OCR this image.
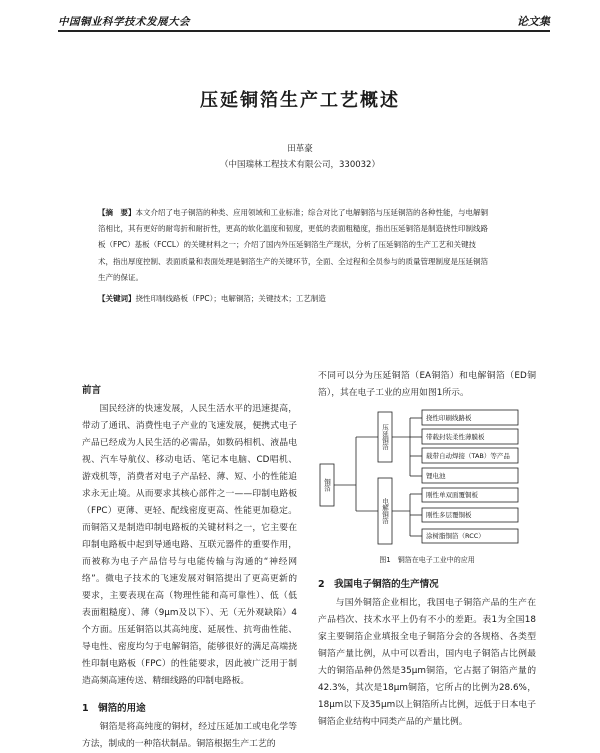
中国铜业科学技术发展大会	论文集
压延铜箔生产工艺概述
田革豪
（中国瑞林工程技术有限公司，330032）
【摘　要】本文介绍了电子铜箔的种类、应用领域和工业标准；综合对比了电解铜箔与压延铜箔的各种性能，与电解铜箔相比，其有更好的耐弯折和耐折性，更高的软化温度和韧度，更低的表面粗糙度，指出压延铜箔是制造挠性印制线路板（FPC）基板（FCCL）的关键材料之一；介绍了国内外压延铜箔生产现状，分析了压延铜箔的生产工艺和关键技术，指出厚度控制、表面质量和表面处理是铜箔生产的关键环节，全面、全过程和全员参与的质量管理制度是压延铜箔生产的保证。
【关键词】挠性印制线路板（FPC）；电解铜箔；关键技术；工艺制造
前言
国民经济的快速发展，人民生活水平的迅速提高，带动了通讯、消费性电子产业的飞速发展，便携式电子产品已经成为人民生活的必需品，如数码相机、液晶电视、汽车导航仪、移动电话、笔记本电脑、CD唱机、游戏机等，消费者对电子产品轻、薄、短、小的性能追求永无止境。从而要求其核心部件之一——印制电路板（FPC）更薄、更轻、配线密度更高、性能更加稳定。而铜箔又是制造印制电路板的关键材料之一，它主要在印制电路板中起到导通电路、互联元器件的重要作用，而被称为电子产品信号与电能传输与沟通的“神经网络”。微电子技术的飞速发展对铜箔提出了更高更新的要求，主要表现在高（物理性能和高可靠性）、低（低表面粗糙度）、薄（9μm及以下）、无（无外观缺陷）4个方面。压延铜箔以其高纯度、延展性、抗弯曲性能、导电性、密度均匀于电解铜箔，能够很好的满足高端挠性印制电路板（FPC）的性能要求，因此被广泛用于制造高频高速传送、精细线路的印制电路板。
1　铜箔的用途
铜箔是将高纯度的铜材，经过压延加工或电化学等方法，制成的一种箔状制品。铜箔根据生产工艺的
不同可以分为压延铜箔（EA铜箔）和电解铜箔（ED铜箔），其在电子工业的应用如图1所示。
铜箔
压延铜箔
电解铜箔
挠性印刷线路板
带载封装柔性薄膜板
载带自动焊接（TAB）等产品
锂电池
刚性单双面覆铜板
刚性多层覆铜板
涂树脂铜箔（RCC）
图1　铜箔在电子工业中的应用
2　我国电子铜箔的生产情况
与国外铜箔企业相比，我国电子铜箔产品的生产在产品档次、技术水平上仍有不小的差距。表1为全国18家主要铜箔企业填报全电子铜箔分会的各规格、各类型铜箔产量比例，从中可以看出，国内电子铜箔占比例最大的铜箔品种仍然是35μm铜箔，它占据了铜箔产量的42.3%，其次是18μm铜箔，它所占的比例为28.6%，18μm以下及35μm以上铜箔所占比例，远低于日本电子铜箔企业结构中同类产品的产量比例。
